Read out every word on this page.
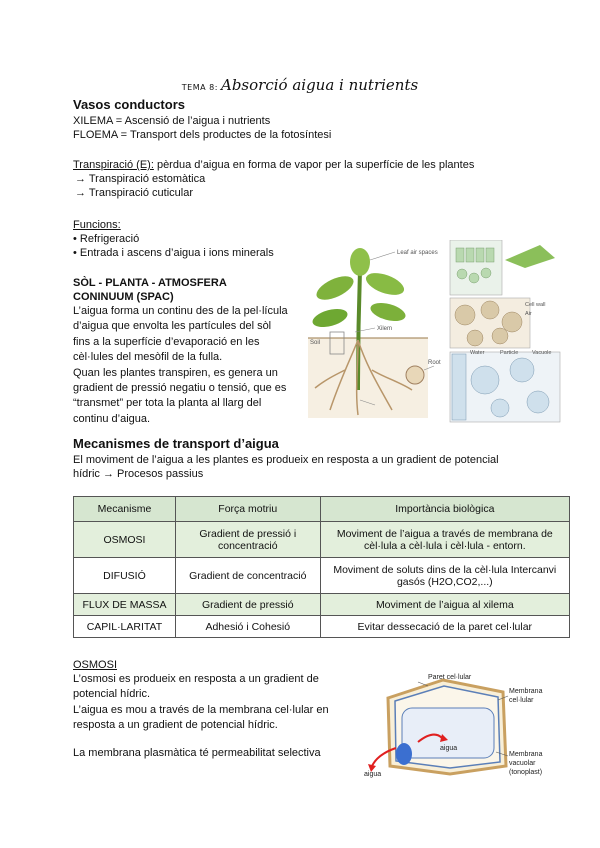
TEMA 8: Absorció aigua i nutrients
Vasos conductors
XILEMA = Ascensió de l’aigua i nutrients
FLOEMA = Transport dels productes de la fotosíntesi
Transpiració (E): pèrdua d’aigua en forma de vapor per la superfície de les plantes
→ Transpiració estomàtica
→ Transpiració cuticular
Funcions:
• Refrigeració
• Entrada i ascens d’aigua i ions minerals
SÒL - PLANTA - ATMOSFERA
CONINUUM (SPAC)
L’aigua forma un continu des de la pel·lícula
d’aigua que envolta les partícules del sòl
fins a la superfície d’evaporació en les
cèl·lules del mesòfil de la fulla.
Quan les plantes transpiren, es genera un
gradient de pressió negatiu o tensió, que es
“transmet” per tota la planta al llarg del
continu d’aigua.
Leaf air spaces
Xilem
Root
Soil
Cell wall
Air
Water	Particle Vacuole
Mecanismes de transport d’aigua
El moviment de l’aigua a les plantes es produeix en resposta a un gradient de potencial
hídric → Procesos passius
Mecanisme	Força motriu	Importància biològica
OSMOSI	Gradient de pressió i concentració	Moviment de l’aigua a través de membrana de cèl·lula a cèl·lula i cèl·lula - entorn.
DIFUSIÓ	Gradient de concentració	Moviment de soluts dins de la cèl·lula Intercanvi gasós (H2O,CO2,...)
FLUX DE MASSA	Gradient de pressió	Moviment de l’aigua al xilema
CAPIL·LARITAT	Adhesió i Cohesió	Evitar dessecació de la paret cel·lular
OSMOSI
L’osmosi es produeix en resposta a un gradient de
potencial hídric.
L’aigua es mou a través de la membrana cel·lular en
resposta a un gradient de potencial hídric.
La membrana plasmàtica té permeabilitat selectiva
Paret cel·lular
Membrana
cel·lular
aigua
aigua
Membrana
vacuolar
(tonoplast)
